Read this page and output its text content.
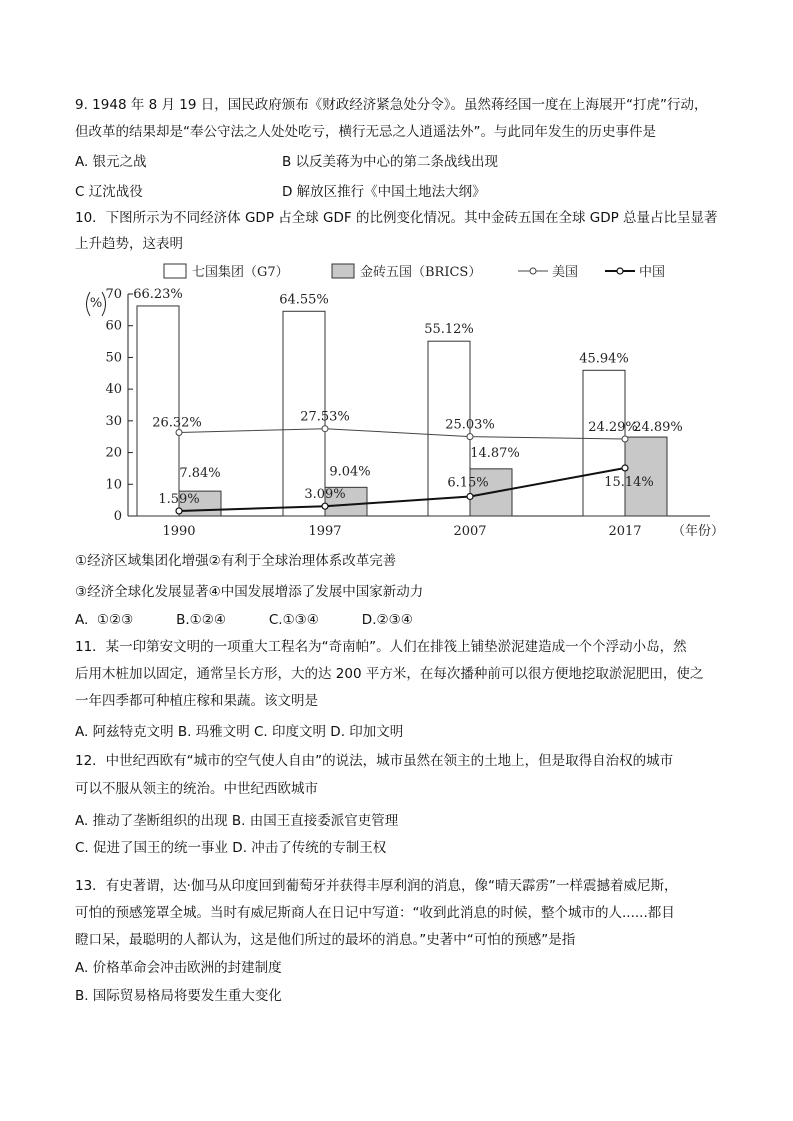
9. 1948 年 8 月 19 日，国民政府颁布《财政经济紧急处分令》。虽然蒋经国一度在上海展开“打虎”行动，
但改革的结果却是“奉公守法之人处处吃亏，横行无忌之人逍遥法外”。与此同年发生的历史事件是
A. 银元之战	B 以反美蒋为中心的第二条战线出现
C 辽沈战役	D 解放区推行《中国土地法大纲》
10．下图所示为不同经济体 GDP 占全球 GDF 的比例变化情况。其中金砖五国在全球 GDP 总量占比呈显著
上升趋势，这表明
七国集团（G7）	金砖五国（BRICS）	美国	中国
%
0
10
20
30
40
50
60
70
1990	1997	2007	2017 （年份）
66.23%	64.55%
55.12%
45.94%
7.84%	9.04%
14.87%
24.89%
26.32%	27.53%
25.03%	24.29%
1.59%	3.09%
6.15%	15.14%
①经济区域集团化增强②有利于全球治理体系改革完善
③经济全球化发展显著④中国发展增添了发展中国家新动力
A.  ①②③          B.①②④          C.①③④          D.②③④
11．某一印第安文明的一项重大工程名为“奇南帕”。人们在排筏上铺垫淤泥建造成一个个浮动小岛，然
后用木桩加以固定，通常呈长方形，大的达 200 平方米，在每次播种前可以很方便地挖取淤泥肥田，使之
一年四季都可种植庄稼和果蔬。该文明是
A. 阿兹特克文明 B. 玛雅文明 C. 印度文明 D. 印加文明
12．中世纪西欧有“城市的空气使人自由”的说法，城市虽然在领主的土地上，但是取得自治权的城市
可以不服从领主的统治。中世纪西欧城市
A. 推动了垄断组织的出现 B. 由国王直接委派官吏管理
C. 促进了国王的统一事业 D. 冲击了传统的专制王权
13．有史著谓，达·伽马从印度回到葡萄牙并获得丰厚利润的消息，像“晴天霹雳”一样震撼着威尼斯，
可怕的预感笼罩全城。当时有威尼斯商人在日记中写道：“收到此消息的时候，整个城市的人......都目
瞪口呆，最聪明的人都认为，这是他们所过的最坏的消息。”史著中“可怕的预感”是指
A. 价格革命会冲击欧洲的封建制度
B. 国际贸易格局将要发生重大变化
